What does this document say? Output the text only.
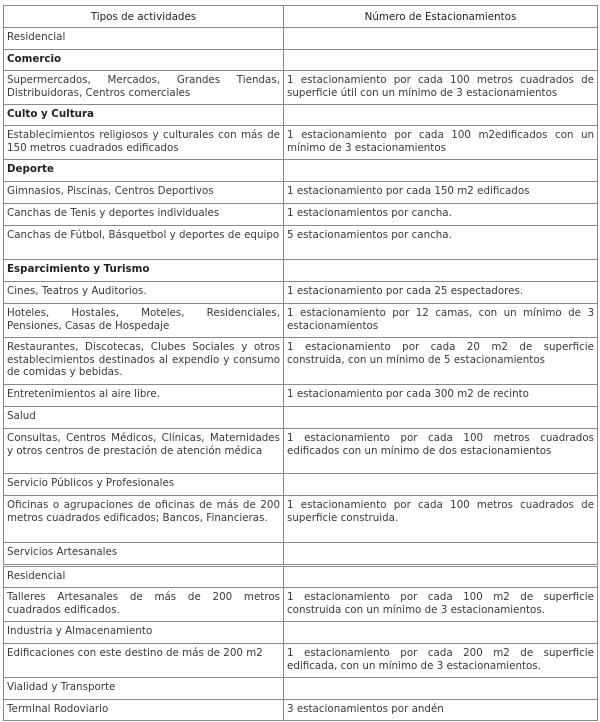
Tipos de actividades	Número de Estacionamientos
Residencial	
Comercio	
Supermercados, Mercados, Grandes Tiendas, Distribuidoras, Centros comerciales	1 estacionamiento por cada 100 metros cuadrados de superficie útil con un mínimo de 3 estacionamientos
Culto y Cultura	
Establecimientos religiosos y culturales con más de 150 metros cuadrados edificados	1 estacionamiento por cada 100 m2edificados con un mínimo de 3 estacionamientos
Deporte	
Gimnasios, Piscinas, Centros Deportivos	1 estacionamiento por cada 150 m2 edificados
Canchas de Tenis y deportes individuales	1 estacionamientos por cancha.
Canchas de Fútbol, Básquetbol y deportes de equipo	5 estacionamientos por cancha.
Esparcimiento y Turismo	
Cines, Teatros y Auditorios.	1 estacionamiento por cada 25 espectadores.
Hoteles, Hostales, Moteles, Residenciales, Pensiones, Casas de Hospedaje	1 estacionamiento por 12 camas, con un mínimo de 3 estacionamientos
Restaurantes, Discotecas, Clubes Sociales y otros establecimientos destinados al expendio y consumo de comidas y bebidas.	1 estacionamiento por cada 20 m2 de superficie construida, con un mínimo de 5 estacionamientos
Entretenimientos al aire libre.	1 estacionamiento por cada 300 m2 de recinto
Salud	
Consultas, Centros Médicos, Clínicas, Maternidades y otros centros de prestación de atención médica	1 estacionamiento por cada 100 metros cuadrados edificados con un mínimo de dos estacionamientos
Servicio Públicos y Profesionales	
Oficinas o agrupaciones de oficinas de más de 200 metros cuadrados edificados; Bancos, Financieras.	1 estacionamiento por cada 100 metros cuadrados de superficie construida.
Servicios Artesanales	
Residencial	
Talleres Artesanales de más de 200 metros cuadrados edificados.	1 estacionamiento por cada 100 m2 de superficie construida con un mínimo de 3 estacionamientos.
Industria y Almacenamiento	
Edificaciones con este destino de más de 200 m2	1 estacionamiento por cada 200 m2 de superficie edificada, con un mínimo de 3 estacionamientos.
Vialidad y Transporte	
Terminal Rodoviario	3 estacionamientos por andén
